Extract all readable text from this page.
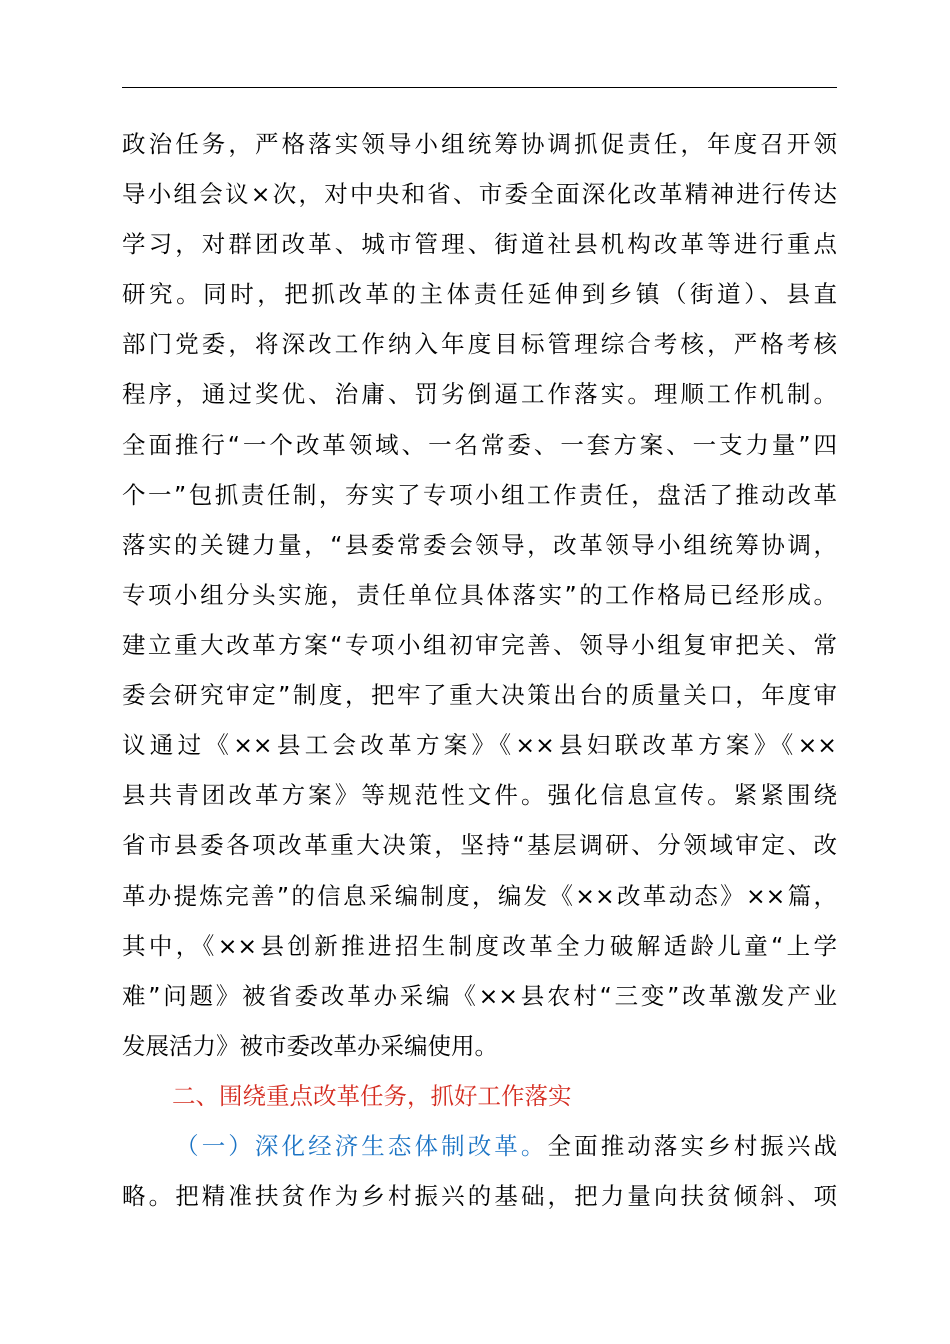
政治任务，严格落实领导小组统筹协调抓促责任，年度召开领
导小组会议×次，对中央和省、市委全面深化改革精神进行传达
学习，对群团改革、城市管理、街道社县机构改革等进行重点
研究。同时，把抓改革的主体责任延伸到乡镇（街道）、县直
部门党委，将深改工作纳入年度目标管理综合考核，严格考核
程序，通过奖优、治庸、罚劣倒逼工作落实。理顺工作机制。
全面推行“一个改革领域、一名常委、一套方案、一支力量”四
个一”包抓责任制，夯实了专项小组工作责任，盘活了推动改革
落实的关键力量，“县委常委会领导，改革领导小组统筹协调，
专项小组分头实施，责任单位具体落实”的工作格局已经形成。
建立重大改革方案“专项小组初审完善、领导小组复审把关、常
委会研究审定”制度，把牢了重大决策出台的质量关口，年度审
议通过《××县工会改革方案》《××县妇联改革方案》《××
县共青团改革方案》等规范性文件。强化信息宣传。紧紧围绕
省市县委各项改革重大决策，坚持“基层调研、分领域审定、改
革办提炼完善”的信息采编制度，编发《××改革动态》××篇，
其中，《××县创新推进招生制度改革全力破解适龄儿童“上学
难”问题》被省委改革办采编《××县农村“三变”改革激发产业
发展活力》被市委改革办采编使用。
二、围绕重点改革任务，抓好工作落实
（一）深化经济生态体制改革。全面推动落实乡村振兴战
略。把精准扶贫作为乡村振兴的基础，把力量向扶贫倾斜、项
